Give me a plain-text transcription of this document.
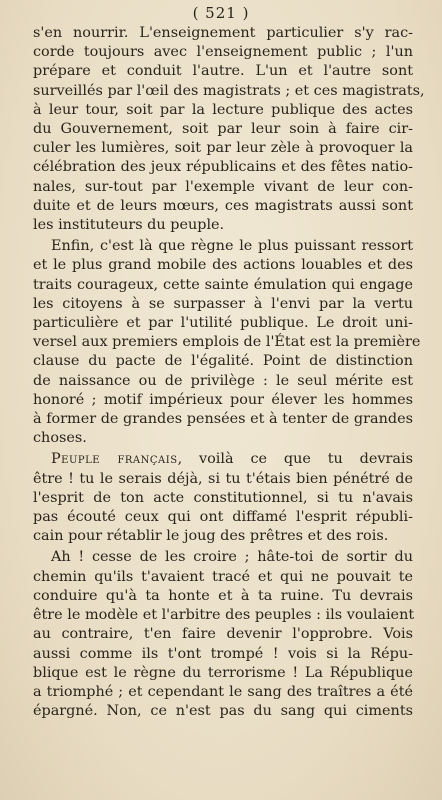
( 521 )
s'en nourrir. L'enseignement particulier s'y rac-
corde toujours avec l'enseignement public ; l'un
prépare et conduit l'autre. L'un et l'autre sont
surveillés par l'œil des magistrats ; et ces magistrats,
à leur tour, soit par la lecture publique des actes
du Gouvernement, soit par leur soin à faire cir-
culer les lumières, soit par leur zèle à provoquer la
célébration des jeux républicains et des fêtes natio-
nales, sur-tout par l'exemple vivant de leur con-
duite et de leurs mœurs, ces magistrats aussi sont
les instituteurs du peuple.
Enfin, c'est là que règne le plus puissant ressort
et le plus grand mobile des actions louables et des
traits courageux, cette sainte émulation qui engage
les citoyens à se surpasser à l'envi par la vertu
particulière et par l'utilité publique. Le droit uni-
versel aux premiers emplois de l'État est la première
clause du pacte de l'égalité. Point de distinction
de naissance ou de privilège : le seul mérite est
honoré ; motif impérieux pour élever les hommes
à former de grandes pensées et à tenter de grandes
choses.
Peuple français, voilà ce que tu devrais
être ! tu le serais déjà, si tu t'étais bien pénétré de
l'esprit de ton acte constitutionnel, si tu n'avais
pas écouté ceux qui ont diffamé l'esprit républi-
cain pour rétablir le joug des prêtres et des rois.
Ah ! cesse de les croire ; hâte-toi de sortir du
chemin qu'ils t'avaient tracé et qui ne pouvait te
conduire qu'à ta honte et à ta ruine. Tu devrais
être le modèle et l'arbitre des peuples : ils voulaient
au contraire, t'en faire devenir l'opprobre. Vois
aussi comme ils t'ont trompé ! vois si la Répu-
blique est le règne du terrorisme ! La République
a triomphé ; et cependant le sang des traîtres a été
épargné. Non, ce n'est pas du sang qui ciments
